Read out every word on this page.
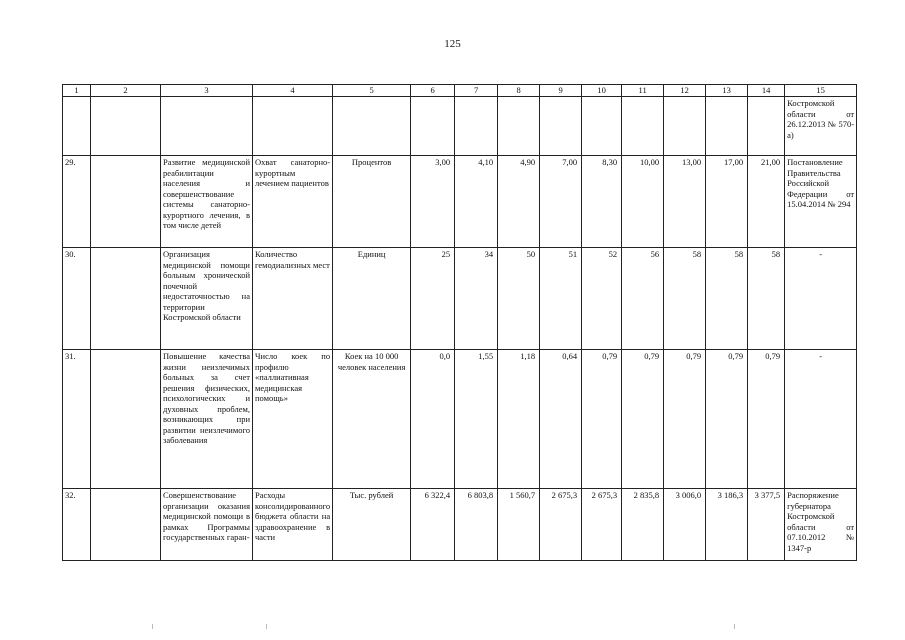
125
1	2	3	4	5	6	7	8	9	10	11	12	13	14	15
														Костромской области от 26.12.2013 № 570-а)
29.		Развитие медицинской реабилитации населения и совершенствование системы санаторно-курортного лечения, в том числе детей	Охват санаторно-курортным лечением пациентов	Процентов	3,00	4,10	4,90	7,00	8,30	10,00	13,00	17,00	21,00	Постановление Правительства Российской Федерации от 15.04.2014 № 294
30.		Организация медицинской помощи больным хронической почечной недостаточностью на территории Костромской области	Количество гемодиализных мест	Единиц	25	34	50	51	52	56	58	58	58	-
31.		Повышение качества жизни неизлечимых больных за счет решения физических, психологических и духовных проблем, возникающих при развитии неизлечимого заболевания	Число коек по профилю «паллиативная медицинская помощь»	Коек на 10 000 человек населения	0,0	1,55	1,18	0,64	0,79	0,79	0,79	0,79	0,79	-
32.		Совершенствование организации оказания медицинской помощи в рамках Программы государственных гаран-	Расходы консолидированного бюджета области на здравоохранение в части	Тыс. рублей	6 322,4	6 803,8	1 560,7	2 675,3	2 675,3	2 835,8	3 006,0	3 186,3	3 377,5	Распоряжение губернатора Костромской области от 07.10.2012 № 1347-р
